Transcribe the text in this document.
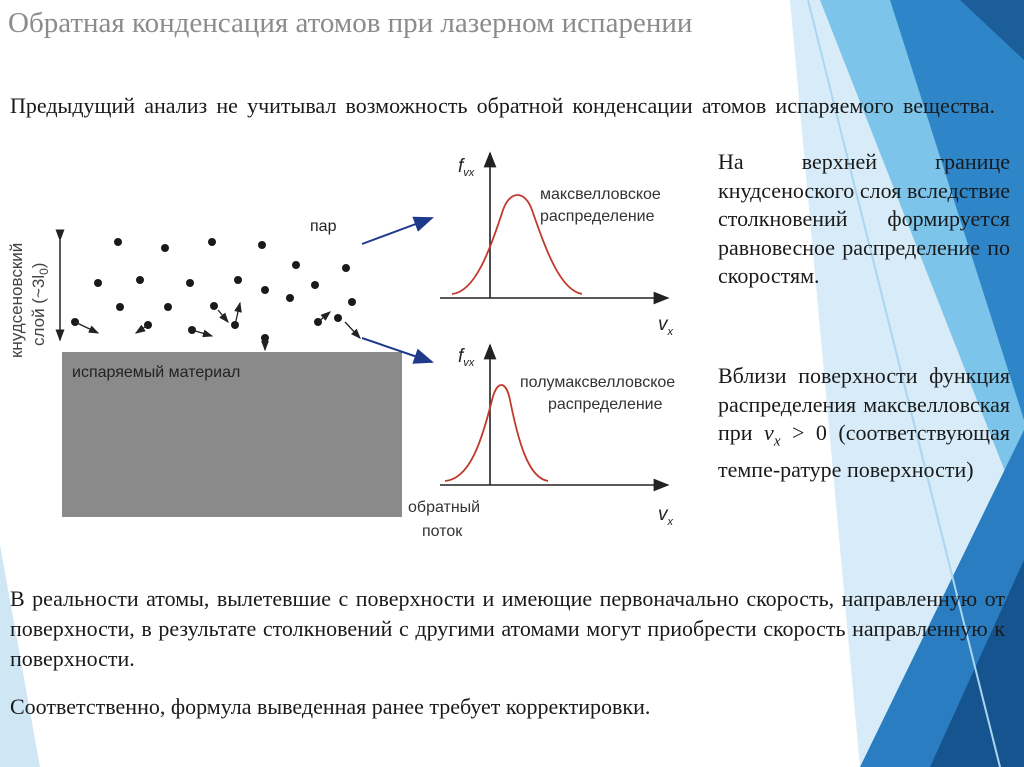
Обратная конденсация атомов при лазерном испарении
Предыдущий анализ не учитывал возможность обратной конденсации атомов испаряемого вещества.
кнудсеновский слой $(\sim 3l_0)$
испаряемый материал
пар
$f_{vx}$
$v_x$
максвелловское
распределение
$f_{vx}$
$v_x$
полумаксвелловское
распределение
обратный
поток
На верхней границе кнудсеноского слоя вследствие столкновений формируется равновесное распределение по скоростям.
Вблизи поверхности функция распределения максвелловская при $v_x > 0$ (соответствующая темпе-ратуре поверхности)
В реальности атомы, вылетевшие с поверхности и имеющие первоначально скорость, направленную от поверхности, в результате столкновений с другими атомами могут приобрести скорость направленную к поверхности.
Соответственно, формула выведенная ранее требует корректировки.
